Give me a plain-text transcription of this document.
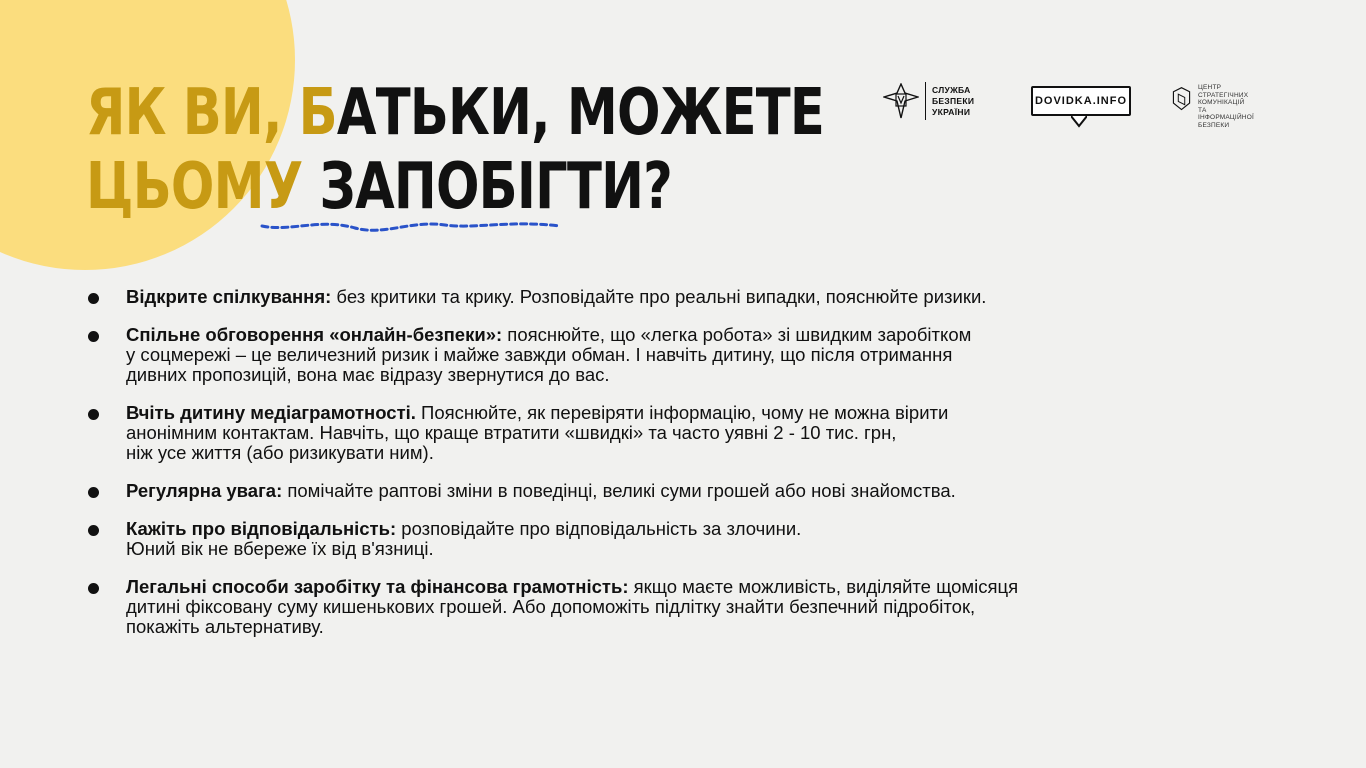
ЯК ВИ, БАТЬКИ, МОЖЕТЕ
ЦЬОМУ ЗАПОБІГТИ?
СЛУЖБА
БЕЗПЕКИ
УКРАЇНИ
DOVIDKA.INFO
ЦЕНТР СТРАТЕГІЧНИХ
КОМУНІКАЦІЙ
ТА ІНФОРМАЦІЙНОЇ
БЕЗПЕКИ
Відкрите спілкування: без критики та крику. Розповідайте про реальні випадки, пояснюйте ризики.
Спільне обговорення «онлайн-безпеки»: пояснюйте, що «легка робота» зі швидким заробітком
у соцмережі – це величезний ризик і майже завжди обман. І навчіть дитину, що після отримання
дивних пропозицій, вона має відразу звернутися до вас.
Вчіть дитину медіаграмотності. Пояснюйте, як перевіряти інформацію, чому не можна вірити
анонімним контактам. Навчіть, що краще втратити «швидкі» та часто уявні 2 - 10 тис. грн,
ніж усе життя (або ризикувати ним).
Регулярна увага: помічайте раптові зміни в поведінці, великі суми грошей або нові знайомства.
Кажіть про відповідальність: розповідайте про відповідальність за злочини.
Юний вік не вбереже їх від в'язниці.
Легальні способи заробітку та фінансова грамотність: якщо маєте можливість, виділяйте щомісяця
дитині фіксовану суму кишенькових грошей. Або допоможіть підлітку знайти безпечний підробіток,
покажіть альтернативу.
